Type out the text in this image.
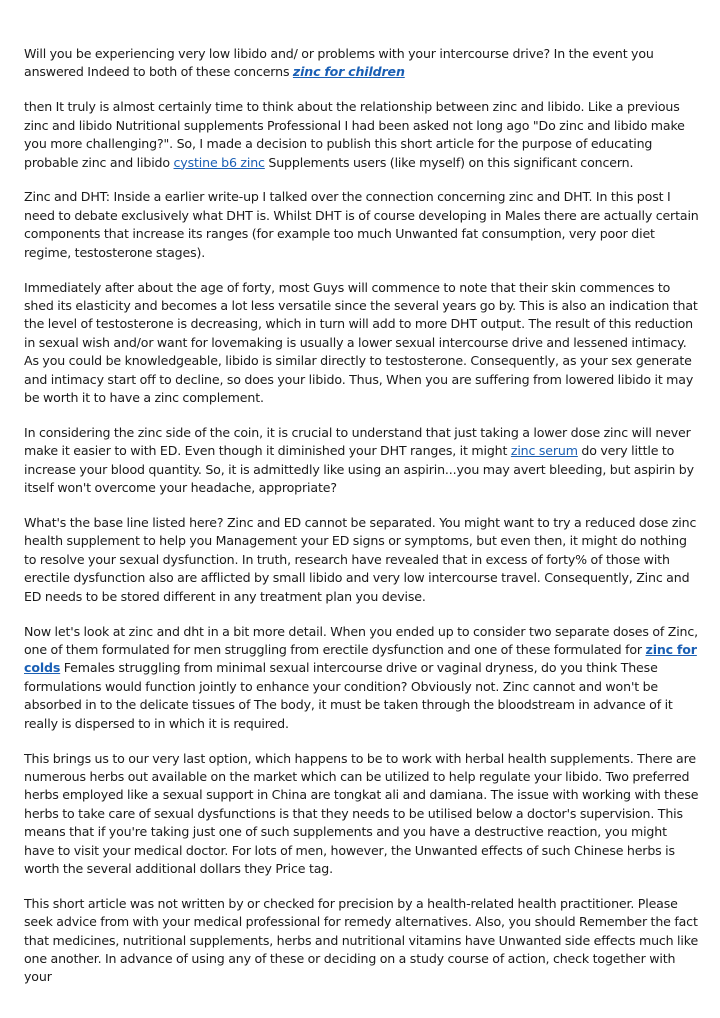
Will you be experiencing very low libido and/ or problems with your intercourse drive? In the event you answered Indeed to both of these concerns zinc for children

then It truly is almost certainly time to think about the relationship between zinc and libido. Like a previous zinc and libido Nutritional supplements Professional I had been asked not long ago "Do zinc and libido make you more challenging?". So, I made a decision to publish this short article for the purpose of educating probable zinc and libido cystine b6 zinc Supplements users (like myself) on this significant concern.

Zinc and DHT: Inside a earlier write-up I talked over the connection concerning zinc and DHT. In this post I need to debate exclusively what DHT is. Whilst DHT is of course developing in Males there are actually certain components that increase its ranges (for example too much Unwanted fat consumption, very poor diet regime, testosterone stages).

Immediately after about the age of forty, most Guys will commence to note that their skin commences to shed its elasticity and becomes a lot less versatile since the several years go by. This is also an indication that the level of testosterone is decreasing, which in turn will add to more DHT output. The result of this reduction in sexual wish and/or want for lovemaking is usually a lower sexual intercourse drive and lessened intimacy. As you could be knowledgeable, libido is similar directly to testosterone. Consequently, as your sex generate and intimacy start off to decline, so does your libido. Thus, When you are suffering from lowered libido it may be worth it to have a zinc complement.

In considering the zinc side of the coin, it is crucial to understand that just taking a lower dose zinc will never make it easier to with ED. Even though it diminished your DHT ranges, it might zinc serum do very little to increase your blood quantity. So, it is admittedly like using an aspirin...you may avert bleeding, but aspirin by itself won't overcome your headache, appropriate?

What's the base line listed here? Zinc and ED cannot be separated. You might want to try a reduced dose zinc health supplement to help you Management your ED signs or symptoms, but even then, it might do nothing to resolve your sexual dysfunction. In truth, research have revealed that in excess of forty% of those with erectile dysfunction also are afflicted by small libido and very low intercourse travel. Consequently, Zinc and ED needs to be stored different in any treatment plan you devise.

Now let's look at zinc and dht in a bit more detail. When you ended up to consider two separate doses of Zinc, one of them formulated for men struggling from erectile dysfunction and one of these formulated for zinc for colds Females struggling from minimal sexual intercourse drive or vaginal dryness, do you think These formulations would function jointly to enhance your condition? Obviously not. Zinc cannot and won't be absorbed in to the delicate tissues of The body, it must be taken through the bloodstream in advance of it really is dispersed to in which it is required.

This brings us to our very last option, which happens to be to work with herbal health supplements. There are numerous herbs out available on the market which can be utilized to help regulate your libido. Two preferred herbs employed like a sexual support in China are tongkat ali and damiana. The issue with working with these herbs to take care of sexual dysfunctions is that they needs to be utilised below a doctor's supervision. This means that if you're taking just one of such supplements and you have a destructive reaction, you might have to visit your medical doctor. For lots of men, however, the Unwanted effects of such Chinese herbs is worth the several additional dollars they Price tag.

This short article was not written by or checked for precision by a health-related health practitioner. Please seek advice from with your medical professional for remedy alternatives. Also, you should Remember the fact that medicines, nutritional supplements, herbs and nutritional vitamins have Unwanted side effects much like one another. In advance of using any of these or deciding on a study course of action, check together with your
